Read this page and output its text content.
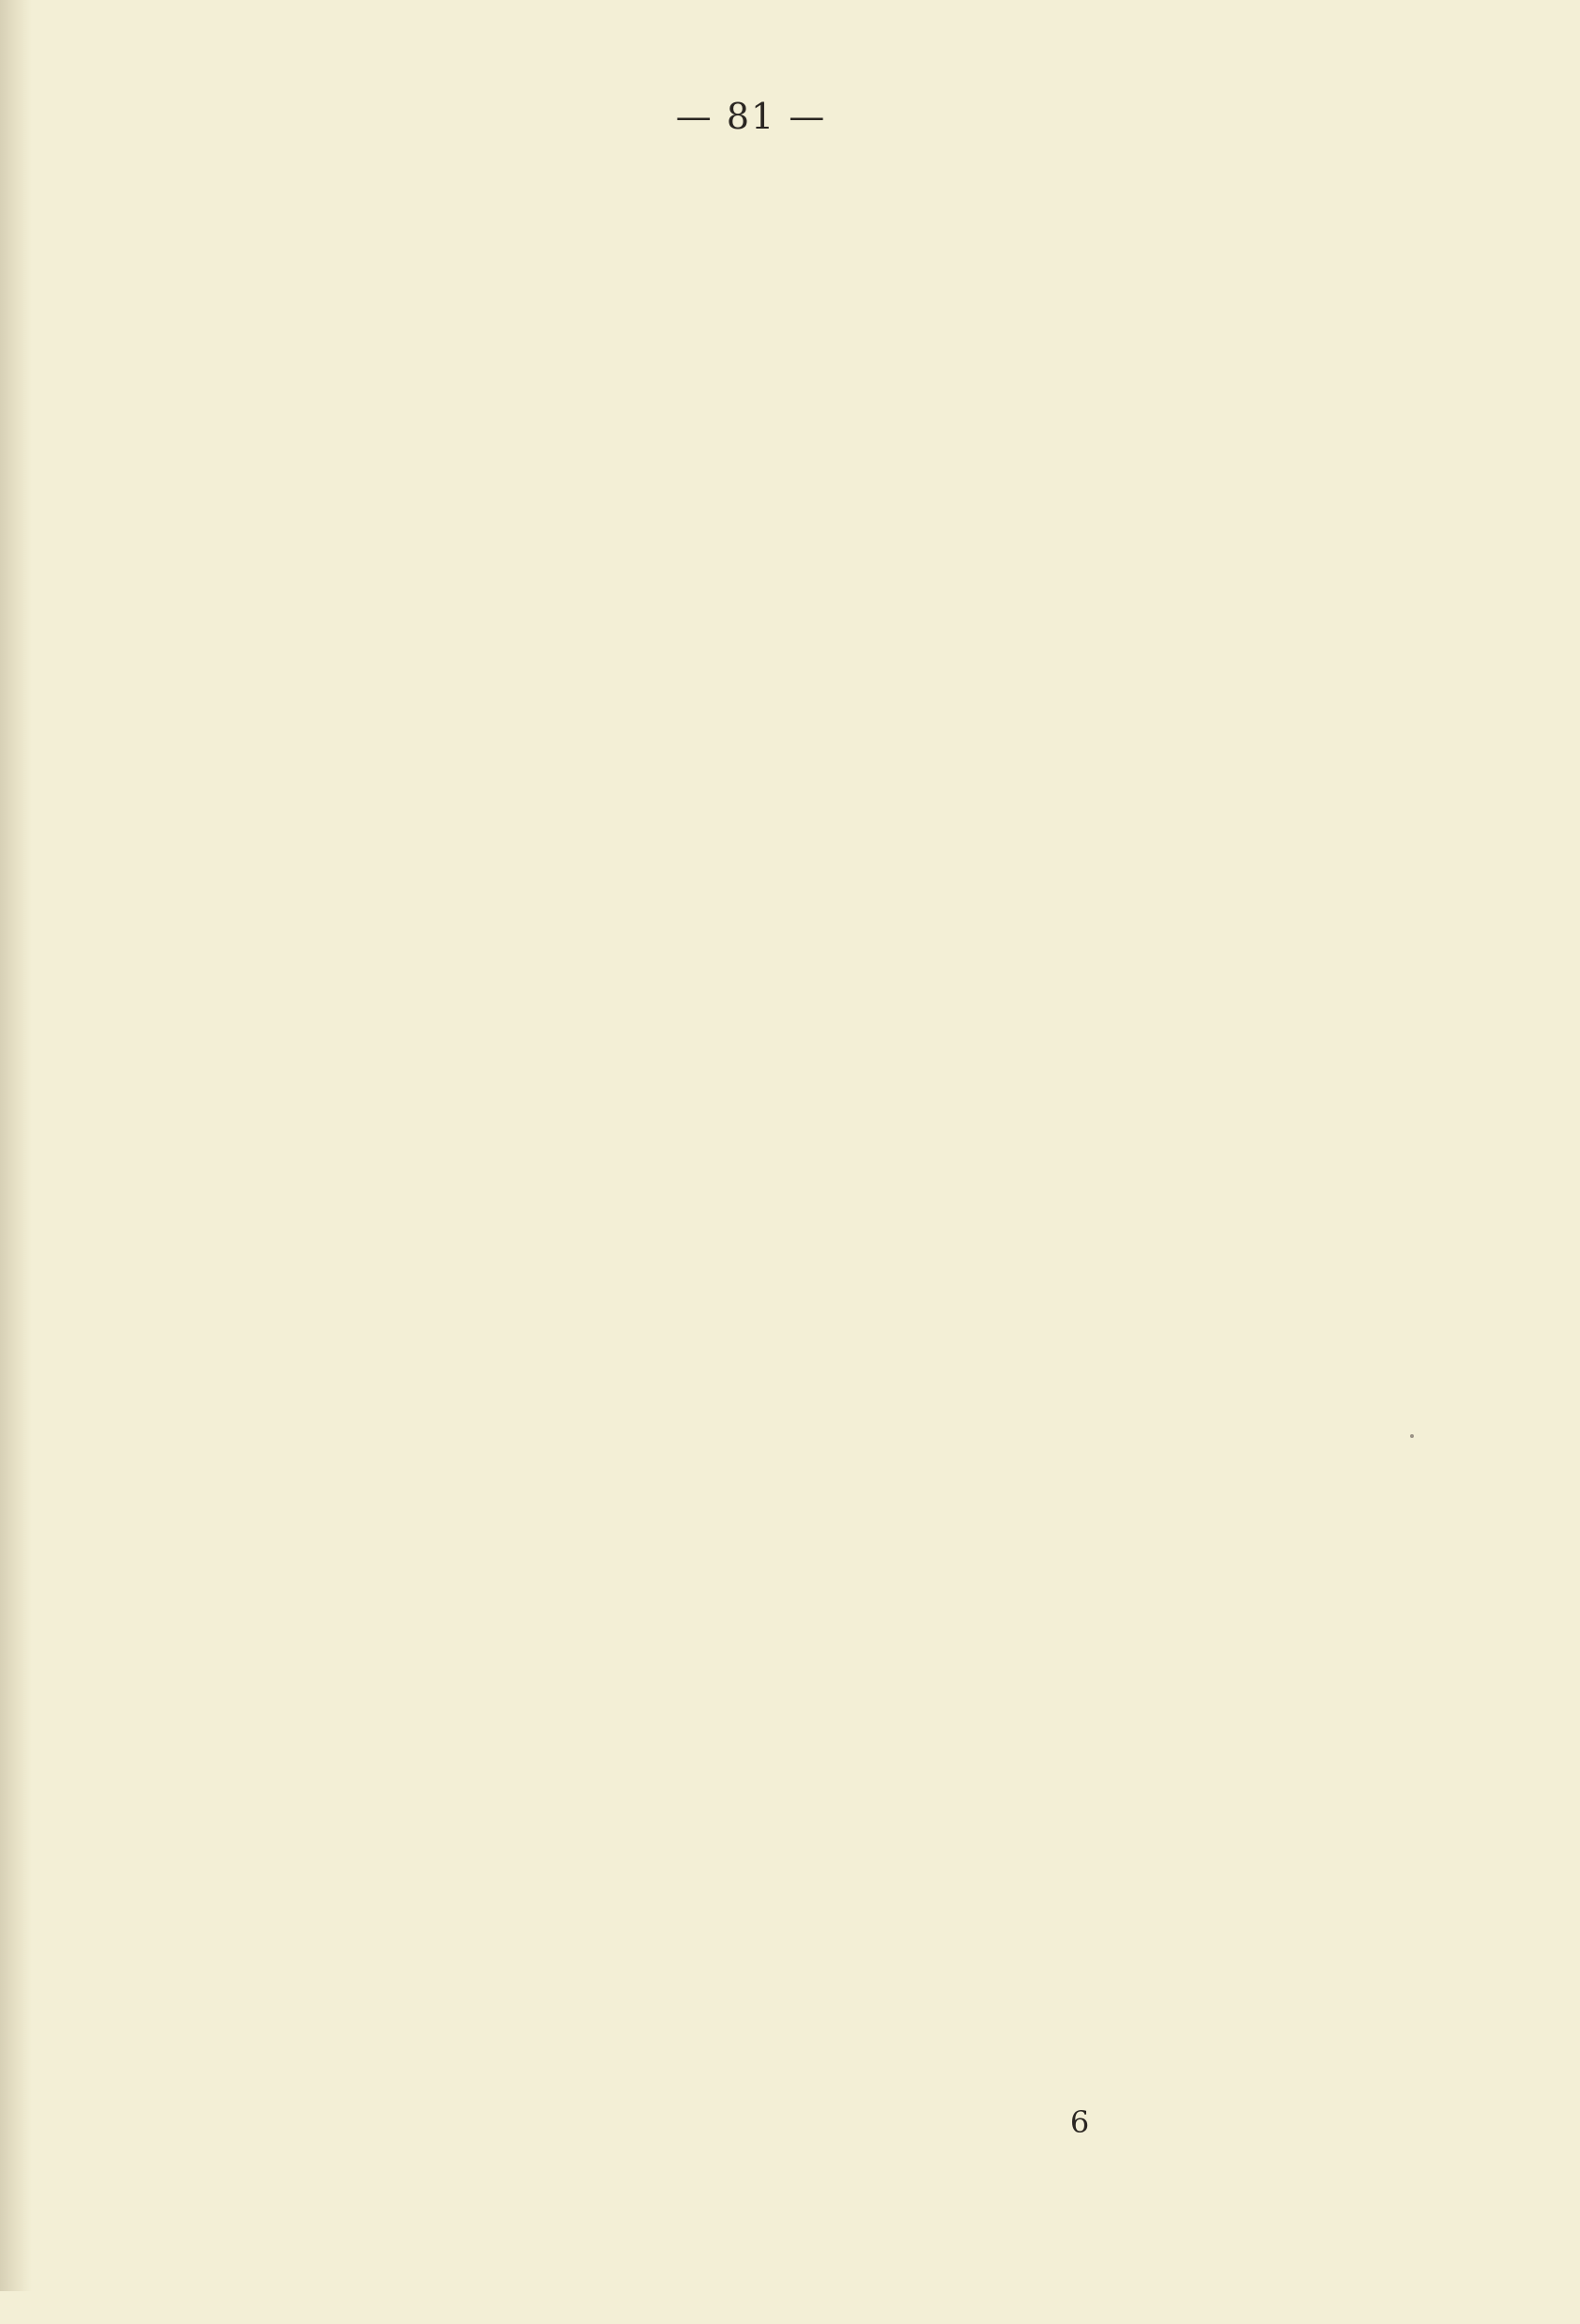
— 81 —
6
